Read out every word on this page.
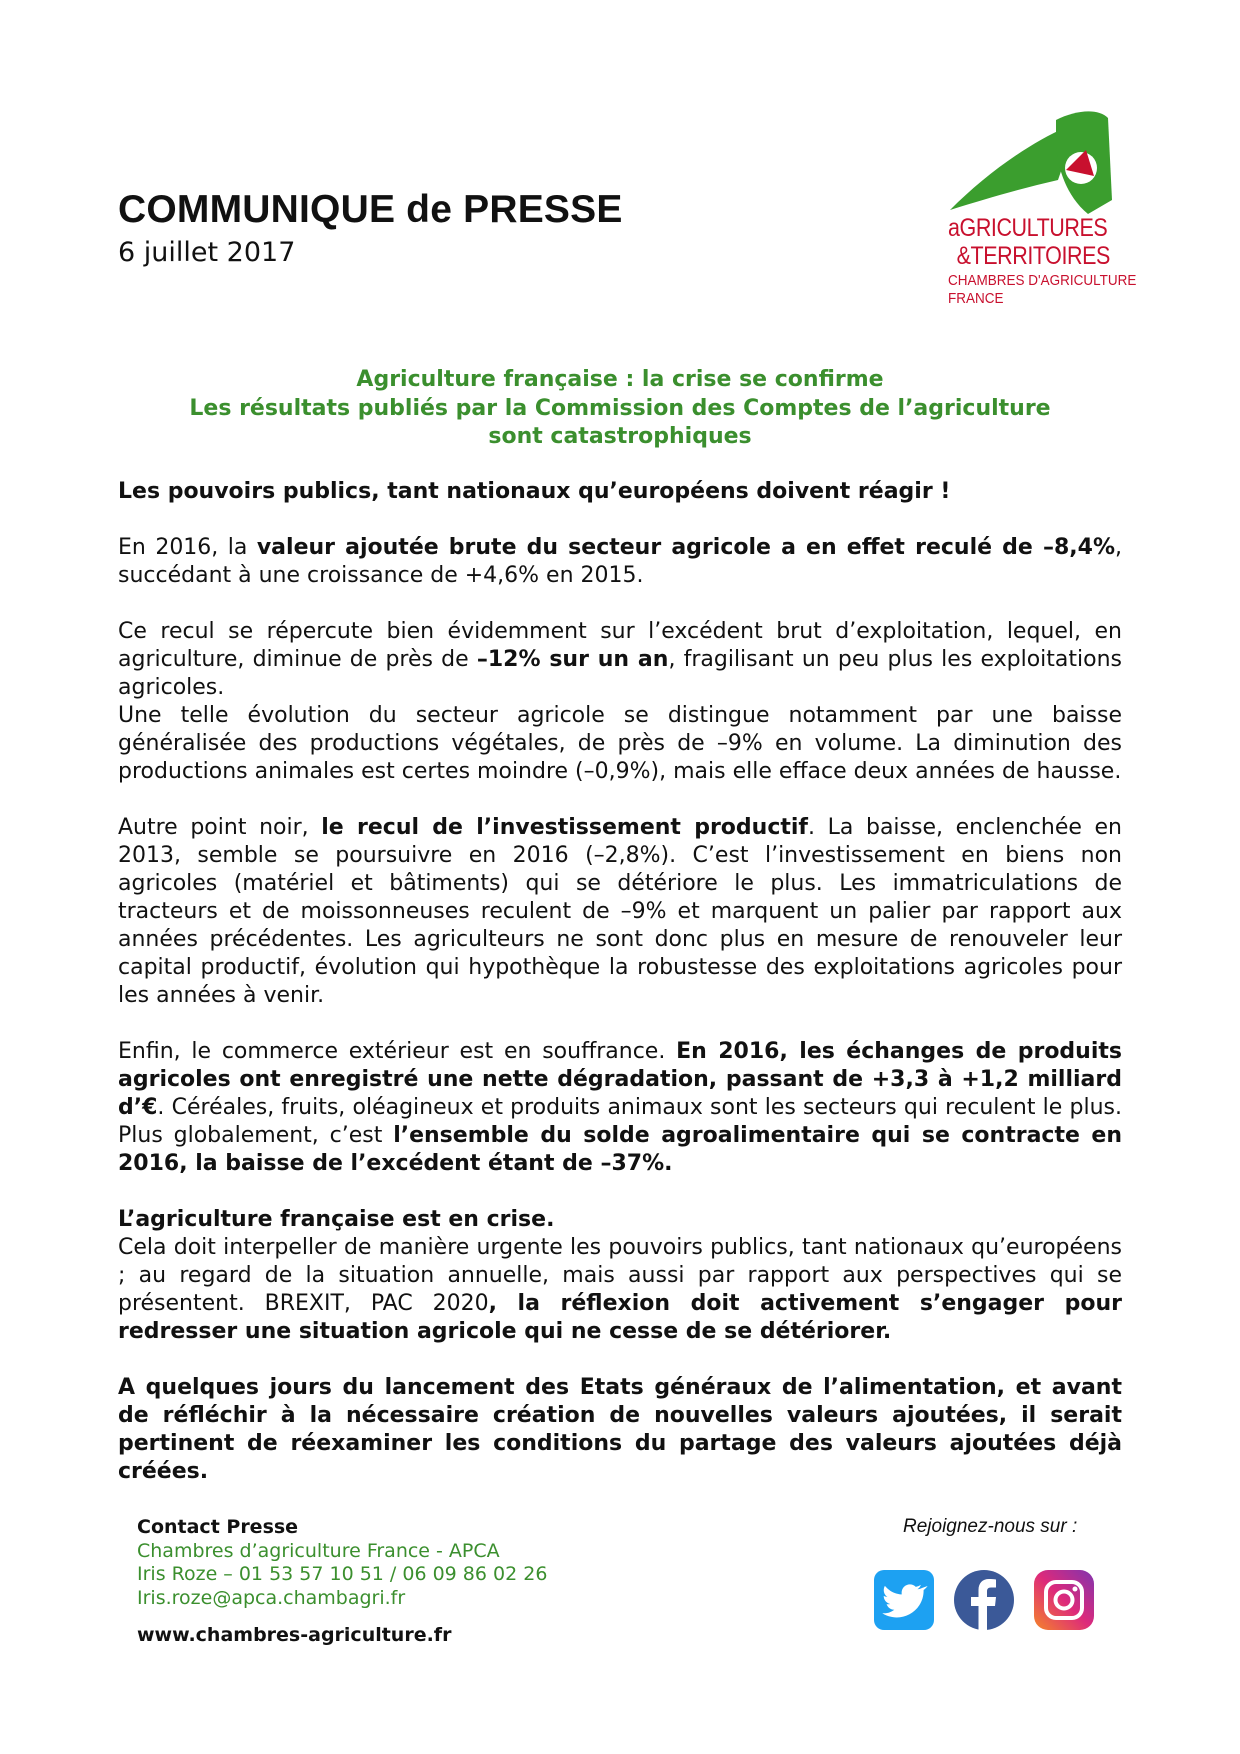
COMMUNIQUE de PRESSE
6 juillet 2017
aGRICULTURES
&TERRITOIRES
CHAMBRES D'AGRICULTURE
FRANCE
Agriculture française : la crise se confirme
Les résultats publiés par la Commission des Comptes de l’agriculture
sont catastrophiques

Les pouvoirs publics, tant nationaux qu’européens doivent réagir !

En 2016, la valeur ajoutée brute du secteur agricole a en effet reculé de –8,4%, succédant à une croissance de +4,6% en 2015.

Ce recul se répercute bien évidemment sur l’excédent brut d’exploitation, lequel, en agriculture, diminue de près de –12% sur un an, fragilisant un peu plus les exploitations agricoles.

Une telle évolution du secteur agricole se distingue notamment par une baisse généralisée des productions végétales, de près de –9% en volume. La diminution des productions animales est certes moindre (–0,9%), mais elle efface deux années de hausse.

Autre point noir, le recul de l’investissement productif. La baisse, enclenchée en 2013, semble se poursuivre en 2016 (–2,8%). C’est l’investissement en biens non agricoles (matériel et bâtiments) qui se détériore le plus. Les immatriculations de tracteurs et de moissonneuses reculent de –9% et marquent un palier par rapport aux années précédentes. Les agriculteurs ne sont donc plus en mesure de renouveler leur capital productif, évolution qui hypothèque la robustesse des exploitations agricoles pour les années à venir.

Enfin, le commerce extérieur est en souffrance. En 2016, les échanges de produits agricoles ont enregistré une nette dégradation, passant de +3,3 à +1,2 milliard d’€. Céréales, fruits, oléagineux et produits animaux sont les secteurs qui reculent le plus. Plus globalement, c’est l’ensemble du solde agroalimentaire qui se contracte en 2016, la baisse de l’excédent étant de –37%.

L’agriculture française est en crise.

Cela doit interpeller de manière urgente les pouvoirs publics, tant nationaux qu’européens ; au regard de la situation annuelle, mais aussi par rapport aux perspectives qui se présentent. BREXIT, PAC 2020, la réflexion doit activement s’engager pour redresser une situation agricole qui ne cesse de se détériorer.

A quelques jours du lancement des Etats généraux de l’alimentation, et avant de réfléchir à la nécessaire création de nouvelles valeurs ajoutées, il serait pertinent de réexaminer les conditions du partage des valeurs ajoutées déjà créées.

Contact Presse
Chambres d’agriculture France - APCA
Iris Roze – 01 53 57 10 51 / 06 09 86 02 26
Iris.roze@apca.chambagri.fr
www.chambres-agriculture.fr
Rejoignez-nous sur :
